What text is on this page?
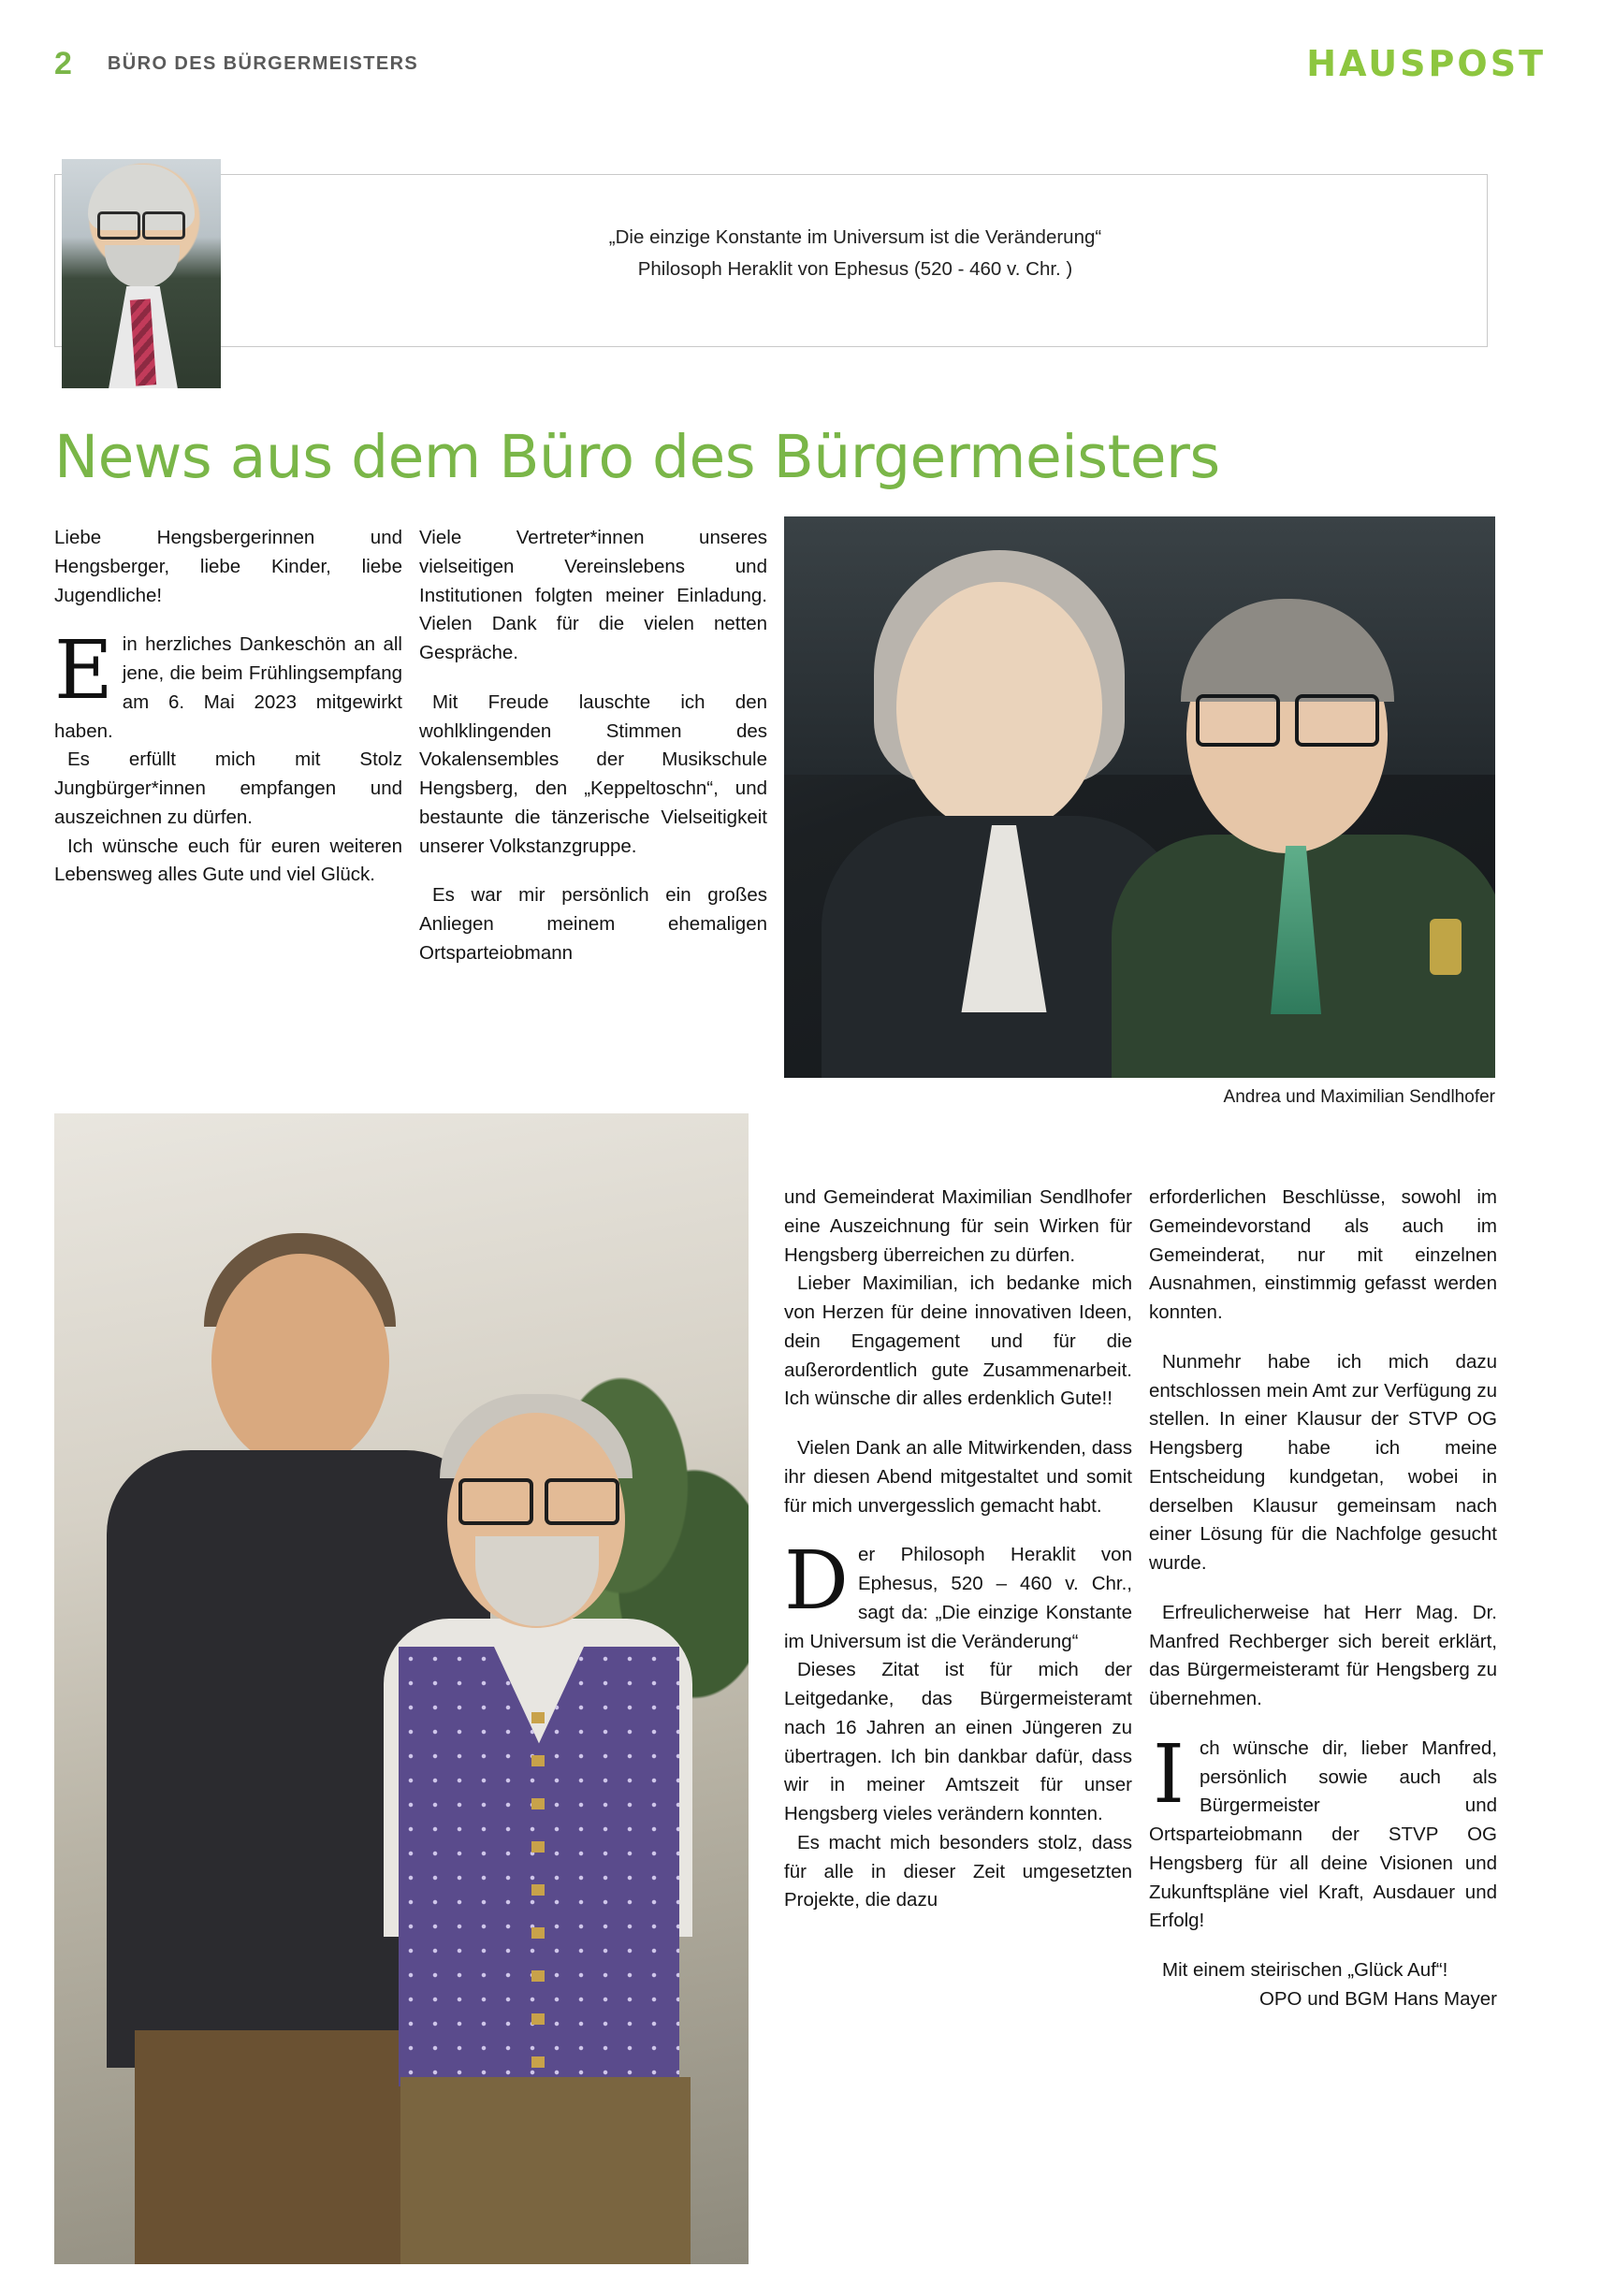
2 BÜRO DES BÜRGERMEISTERS	HAUS POST
„Die einzige Konstante im Universum ist die Veränderung“
Philosoph Heraklit von Ephesus (520 - 460 v. Chr. )
News aus dem Büro des Bürgermeisters

Liebe Hengsbergerinnen und Hengsberger, liebe Kinder, liebe Jugendliche!

Ein herzliches Dankeschön an all jene, die beim Frühlingsempfang am 6. Mai 2023 mitgewirkt haben.

Es erfüllt mich mit Stolz Jungbürger*innen empfangen und auszeichnen zu dürfen.

Ich wünsche euch für euren weiteren Lebensweg alles Gute und viel Glück.

Viele Vertreter*innen unseres vielseitigen Vereinslebens und Institutionen folgten meiner Einladung. Vielen Dank für die vielen netten Gespräche.

Mit Freude lauschte ich den wohlklingenden Stimmen des Vokalensembles der Musikschule Hengsberg, den „Keppeltoschn“, und bestaunte die tänzerische Vielseitigkeit unserer Volkstanzgruppe.

Es war mir persönlich ein großes Anliegen meinem ehemaligen Ortsparteiobmann

Andrea und Maximilian Sendlhofer

und Gemeinderat Maximilian Sendlhofer eine Auszeichnung für sein Wirken für Hengsberg überreichen zu dürfen.

Lieber Maximilian, ich bedanke mich von Herzen für deine innovativen Ideen, dein Engagement und für die außerordentlich gute Zusammenarbeit. Ich wünsche dir alles erdenklich Gute!!

Vielen Dank an alle Mitwirkenden, dass ihr diesen Abend mitgestaltet und somit für mich unvergesslich gemacht habt.

Der Philosoph Heraklit von Ephesus, 520 – 460 v. Chr., sagt da: „Die einzige Konstante im Universum ist die Veränderung“

Dieses Zitat ist für mich der Leitgedanke, das Bürgermeisteramt nach 16 Jahren an einen Jüngeren zu übertragen. Ich bin dankbar dafür, dass wir in meiner Amtszeit für unser Hengsberg vieles verändern konnten.

Es macht mich besonders stolz, dass für alle in dieser Zeit umgesetzten Projekte, die dazu

erforderlichen Beschlüsse, sowohl im Gemeindevorstand als auch im Gemeinderat, nur mit einzelnen Ausnahmen, einstimmig gefasst werden konnten.

Nunmehr habe ich mich dazu entschlossen mein Amt zur Verfügung zu stellen. In einer Klausur der STVP OG Hengsberg habe ich meine Entscheidung kundgetan, wobei in derselben Klausur gemeinsam nach einer Lösung für die Nachfolge gesucht wurde.

Erfreulicherweise hat Herr Mag. Dr. Manfred Rechberger sich bereit erklärt, das Bürgermeisteramt für Hengsberg zu übernehmen.

Ich wünsche dir, lieber Manfred, persönlich sowie auch als Bürgermeister und Ortsparteiobmann der STVP OG Hengsberg für all deine Visionen und Zukunftspläne viel Kraft, Ausdauer und Erfolg!

Mit einem steirischen „Glück Auf“!

OPO und BGM Hans Mayer
